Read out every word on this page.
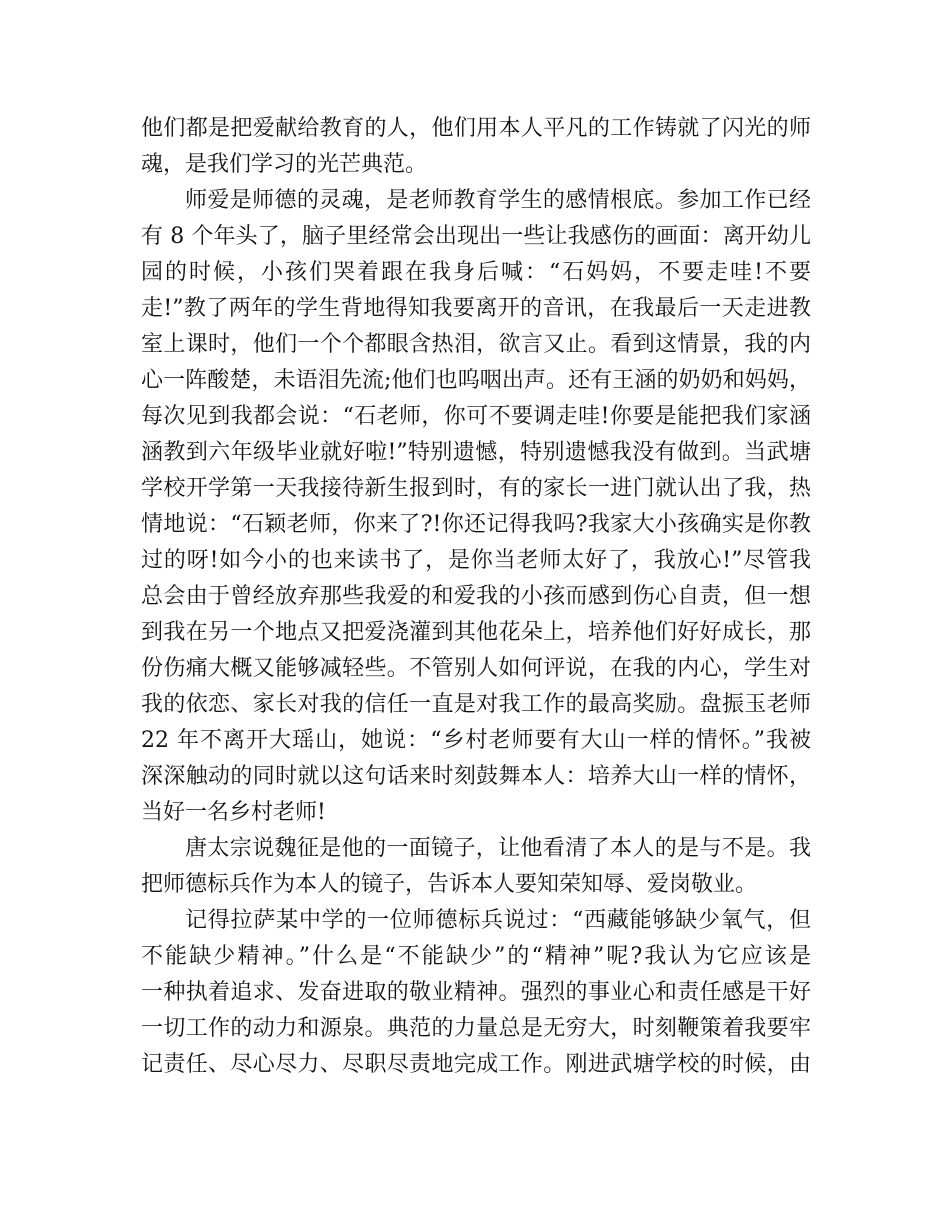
他们都是把爱献给教育的人，他们用本人平凡的工作铸就了闪光的师
魂，是我们学习的光芒典范。
师爱是师德的灵魂，是老师教育学生的感情根底。参加工作已经
有 8 个年头了，脑子里经常会出现出一些让我感伤的画面：离开幼儿
园的时候，小孩们哭着跟在我身后喊：“石妈妈，不要走哇!不要
走!”教了两年的学生背地得知我要离开的音讯，在我最后一天走进教
室上课时，他们一个个都眼含热泪，欲言又止。看到这情景，我的内
心一阵酸楚，未语泪先流;他们也呜咽出声。还有王涵的奶奶和妈妈，
每次见到我都会说：“石老师，你可不要调走哇!你要是能把我们家涵
涵教到六年级毕业就好啦!”特别遗憾，特别遗憾我没有做到。当武塘
学校开学第一天我接待新生报到时，有的家长一进门就认出了我，热
情地说：“石颖老师，你来了?!你还记得我吗?我家大小孩确实是你教
过的呀!如今小的也来读书了，是你当老师太好了，我放心!”尽管我
总会由于曾经放弃那些我爱的和爱我的小孩而感到伤心自责，但一想
到我在另一个地点又把爱浇灌到其他花朵上，培养他们好好成长，那
份伤痛大概又能够减轻些。不管别人如何评说，在我的内心，学生对
我的依恋、家长对我的信任一直是对我工作的最高奖励。盘振玉老师
22 年不离开大瑶山，她说：“乡村老师要有大山一样的情怀。”我被
深深触动的同时就以这句话来时刻鼓舞本人：培养大山一样的情怀，
当好一名乡村老师!
唐太宗说魏征是他的一面镜子，让他看清了本人的是与不是。我
把师德标兵作为本人的镜子，告诉本人要知荣知辱、爱岗敬业。
记得拉萨某中学的一位师德标兵说过：“西藏能够缺少氧气，但
不能缺少精神。”什么是“不能缺少”的“精神”呢?我认为它应该是
一种执着追求、发奋进取的敬业精神。强烈的事业心和责任感是干好
一切工作的动力和源泉。典范的力量总是无穷大，时刻鞭策着我要牢
记责任、尽心尽力、尽职尽责地完成工作。刚进武塘学校的时候，由
